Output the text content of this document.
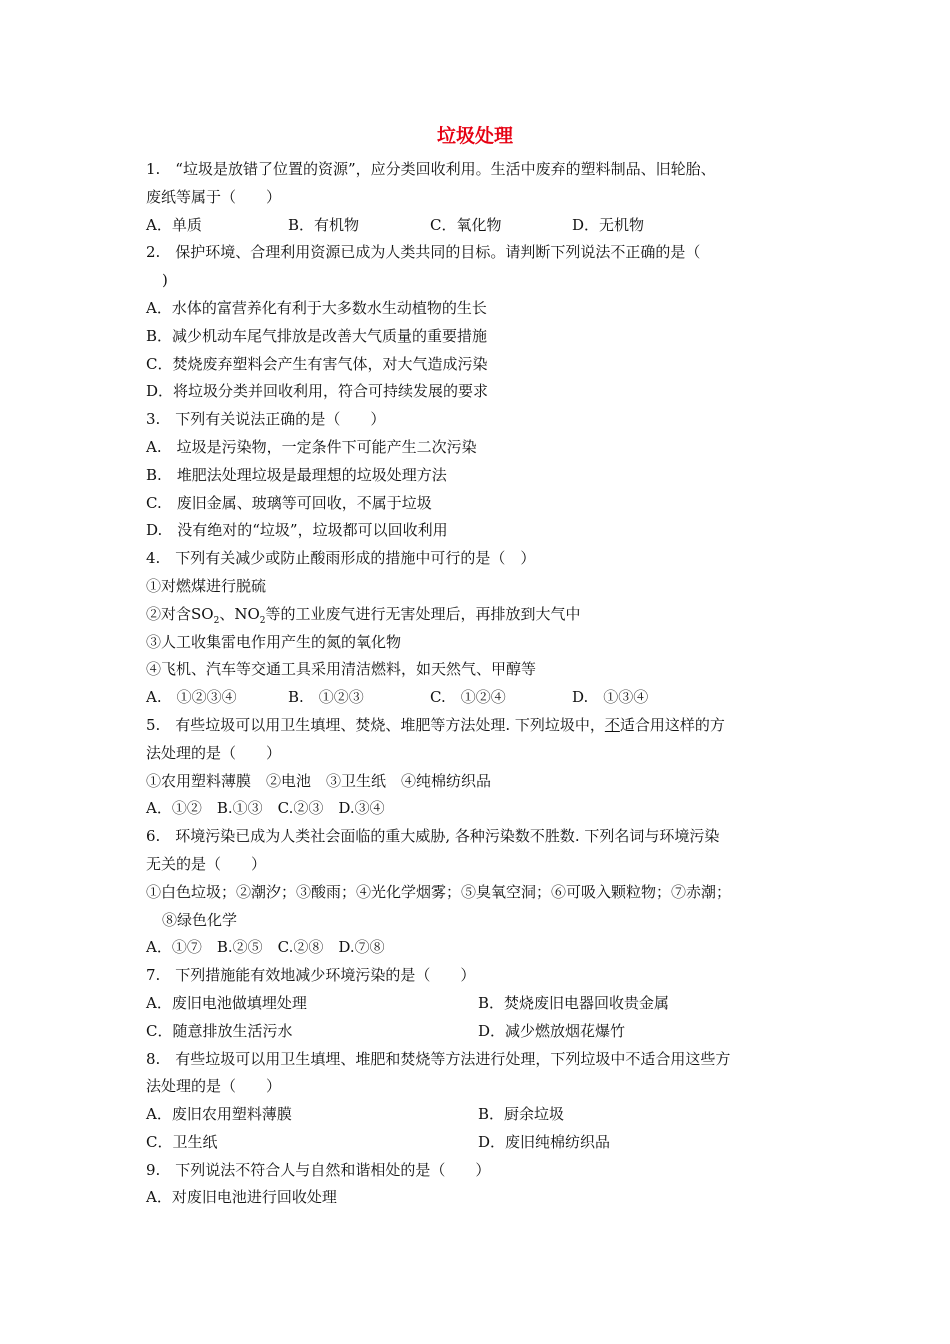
垃圾处理
1.　“垃圾是放错了位置的资源”，应分类回收利用。生活中废弃的塑料制品、旧轮胎、
废纸等属于（　　）
A．单质	B．有机物	C．氧化物	D．无机物
2.　保护环境、合理利用资源已成为人类共同的目标。请判断下列说法不正确的是（
)
A．水体的富营养化有利于大多数水生动植物的生长
B．减少机动车尾气排放是改善大气质量的重要措施
C．焚烧废弃塑料会产生有害气体，对大气造成污染
D．将垃圾分类并回收利用，符合可持续发展的要求
3.　下列有关说法正确的是（　　）
A.　垃圾是污染物，一定条件下可能产生二次污染
B.　堆肥法处理垃圾是最理想的垃圾处理方法
C.　废旧金属、玻璃等可回收，不属于垃圾
D.　没有绝对的“垃圾”，垃圾都可以回收利用
4.　下列有关减少或防止酸雨形成的措施中可行的是（　）
①对燃煤进行脱硫
②对含$SO_2$、$NO_2$等的工业废气进行无害处理后，再排放到大气中
③人工收集雷电作用产生的氮的氧化物
④飞机、汽车等交通工具采用清洁燃料，如天然气、甲醇等
A.　①②③④	B.　①②③	C.　①②④	D.　①③④
5.　有些垃圾可以用卫生填埋、焚烧、堆肥等方法处理. 下列垃圾中，不适合用这样的方
法处理的是（　　）
①农用塑料薄膜　②电池　③卫生纸　④纯棉纺织品
A．①②　B.①③　C.②③　D.③④
6.　环境污染已成为人类社会面临的重大威胁, 各种污染数不胜数. 下列名词与环境污染
无关的是（　　）
①白色垃圾；②潮汐；③酸雨；④光化学烟雾；⑤臭氧空洞；⑥可吸入颗粒物；⑦赤潮；
⑧绿色化学
A．①⑦　B.②⑤　C.②⑧　D.⑦⑧
7.　下列措施能有效地减少环境污染的是（　　）
A．废旧电池做填埋处理	B．焚烧废旧电器回收贵金属
C．随意排放生活污水	D．减少燃放烟花爆竹
8.　有些垃圾可以用卫生填埋、堆肥和焚烧等方法进行处理，下列垃圾中不适合用这些方
法处理的是（　　）
A．废旧农用塑料薄膜	B．厨余垃圾
C．卫生纸	D．废旧纯棉纺织品
9.　下列说法不符合人与自然和谐相处的是（　　）
A．对废旧电池进行回收处理
